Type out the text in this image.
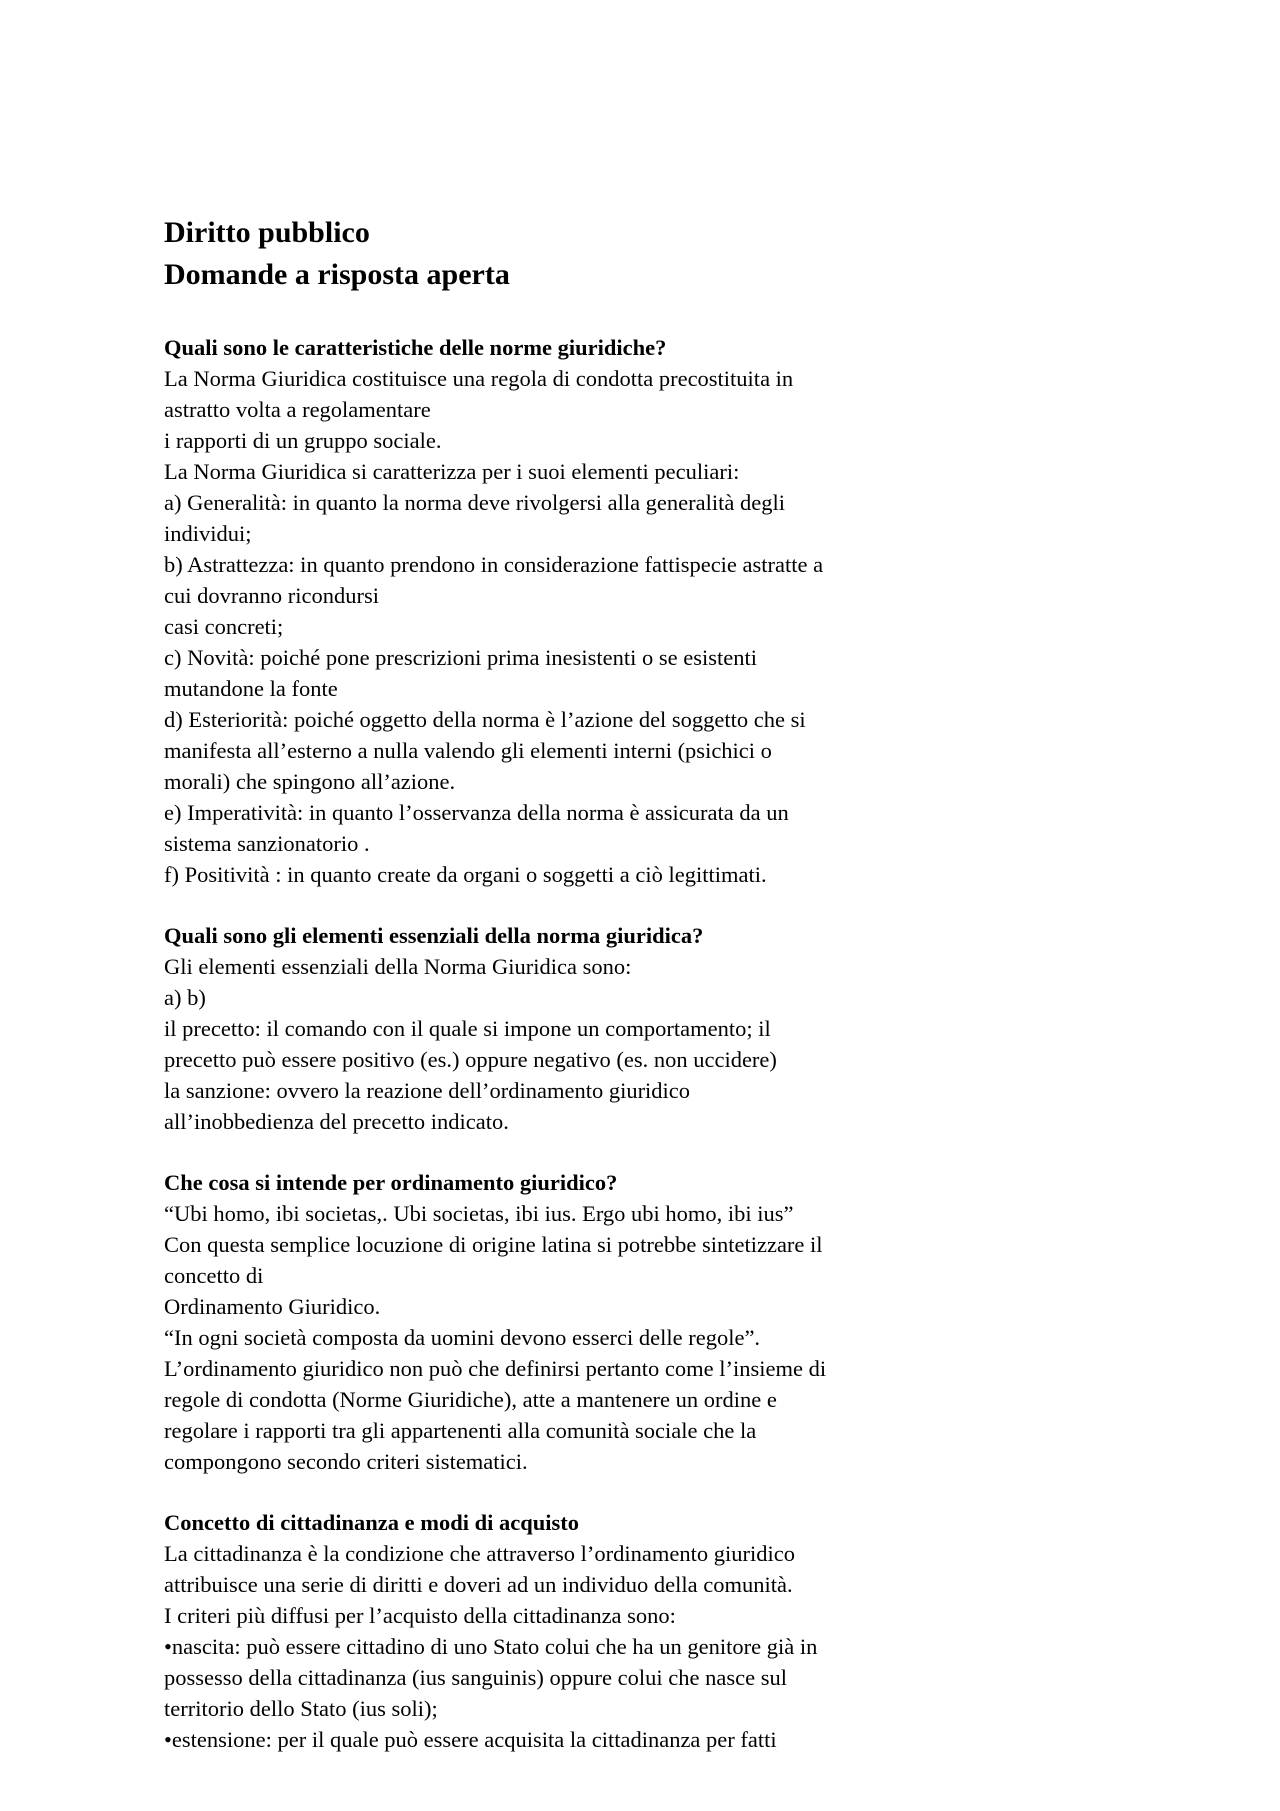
Diritto pubblico
Domande a risposta aperta
Quali sono le caratteristiche delle norme giuridiche?
La Norma Giuridica costituisce una regola di condotta precostituita in
astratto volta a regolamentare
i rapporti di un gruppo sociale.
La Norma Giuridica si caratterizza per i suoi elementi peculiari:
a) Generalità: in quanto la norma deve rivolgersi alla generalità degli
individui;
b) Astrattezza: in quanto prendono in considerazione fattispecie astratte a
cui dovranno ricondursi
casi concreti;
c) Novità: poiché pone prescrizioni prima inesistenti o se esistenti
mutandone la fonte
d) Esteriorità: poiché oggetto della norma è l’azione del soggetto che si
manifesta all’esterno a nulla valendo gli elementi interni (psichici o
morali) che spingono all’azione.
e) Imperatività: in quanto l’osservanza della norma è assicurata da un
sistema sanzionatorio .
f) Positività : in quanto create da organi o soggetti a ciò legittimati.
Quali sono gli elementi essenziali della norma giuridica?
Gli elementi essenziali della Norma Giuridica sono:
a) b)
il precetto: il comando con il quale si impone un comportamento; il
precetto può essere positivo (es.) oppure negativo (es. non uccidere)
la sanzione: ovvero la reazione dell’ordinamento giuridico
all’inobbedienza del precetto indicato.
Che cosa si intende per ordinamento giuridico?
“Ubi homo, ibi societas,. Ubi societas, ibi ius. Ergo ubi homo, ibi ius”
Con questa semplice locuzione di origine latina si potrebbe sintetizzare il
concetto di
Ordinamento Giuridico.
“In ogni società composta da uomini devono esserci delle regole”.
L’ordinamento giuridico non può che definirsi pertanto come l’insieme di
regole di condotta (Norme Giuridiche), atte a mantenere un ordine e
regolare i rapporti tra gli appartenenti alla comunità sociale che la
compongono secondo criteri sistematici.
Concetto di cittadinanza e modi di acquisto
La cittadinanza è la condizione che attraverso l’ordinamento giuridico
attribuisce una serie di diritti e doveri ad un individuo della comunità.
I criteri più diffusi per l’acquisto della cittadinanza sono:
•nascita: può essere cittadino di uno Stato colui che ha un genitore già in
possesso della cittadinanza (ius sanguinis) oppure colui che nasce sul
territorio dello Stato (ius soli);
•estensione: per il quale può essere acquisita la cittadinanza per fatti
